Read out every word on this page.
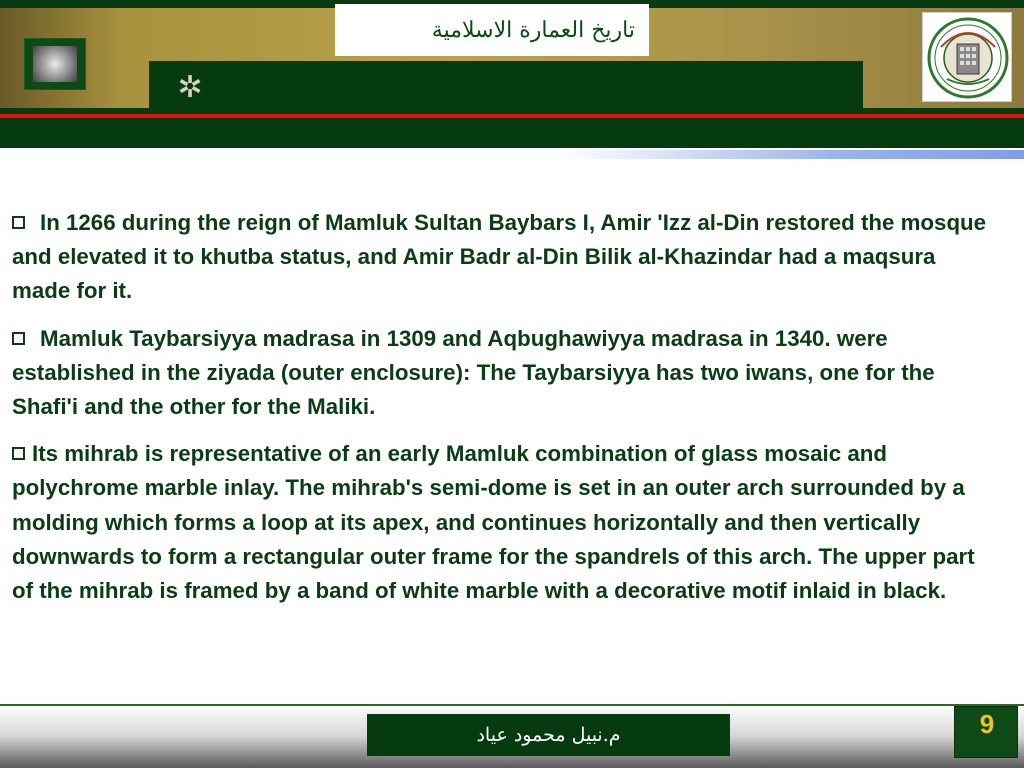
تاريخ العمارة الاسلامية
✲
In 1266 during the reign of Mamluk Sultan Baybars I, Amir 'Izz al-Din restored the mosque and elevated it to khutba status, and Amir Badr al-Din Bilik al-Khazindar had a maqsura made for it.
Mamluk Taybarsiyya madrasa in 1309 and Aqbughawiyya madrasa in 1340. were established in the ziyada (outer enclosure): The Taybarsiyya has two iwans, one for the Shafi'i and the other for the Maliki.
Its mihrab is representative of an early Mamluk combination of glass mosaic and polychrome marble inlay. The mihrab's semi-dome is set in an outer arch surrounded by a molding which forms a loop at its apex, and continues horizontally and then vertically downwards to form a rectangular outer frame for the spandrels of this arch. The upper part of the mihrab is framed by a band of white marble with a decorative motif inlaid in black.
م.نبيل محمود عياد	9
